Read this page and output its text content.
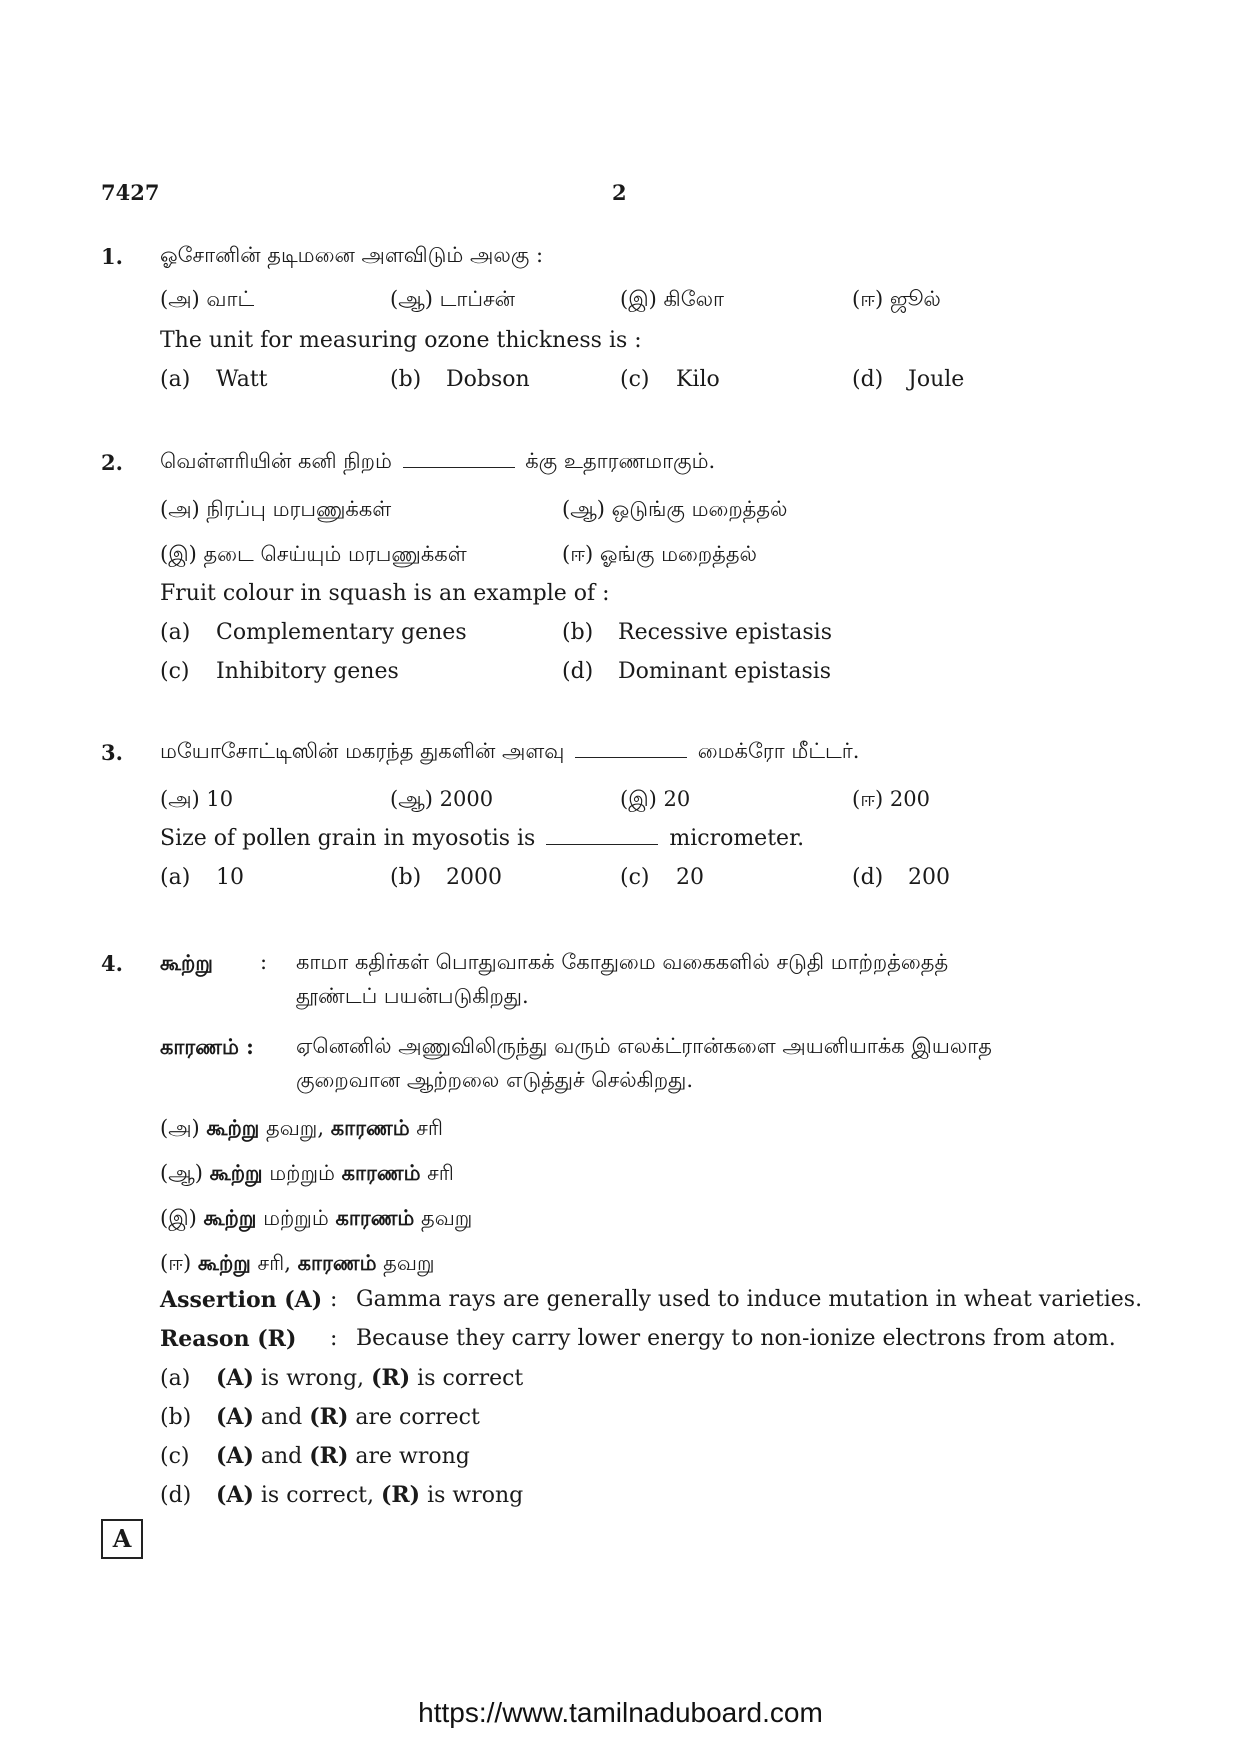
7427	2
1. ஓசோனின் தடிமனை அளவிடும் அலகு :
(அ) வாட்	(ஆ) டாப்சன்	(இ) கிலோ	(ஈ) ஜூல்
The unit for measuring ozone thickness is :
(a) Watt	(b) Dobson	(c) Kilo	(d) Joule
2. வெள்ளரியின் கனி நிறம்	க்கு உதாரணமாகும்.
(அ) நிரப்பு மரபணுக்கள்	(ஆ) ஒடுங்கு மறைத்தல்
(இ) தடை செய்யும் மரபணுக்கள்	(ஈ) ஓங்கு மறைத்தல்
Fruit colour in squash is an example of :
(a) Complementary genes	(b) Recessive epistasis
(c) Inhibitory genes	(d) Dominant epistasis
3. மயோசோட்டிஸின் மகரந்த துகளின் அளவு	மைக்ரோ மீட்டர்.
(அ) 10	(ஆ) 2000	(இ) 20	(ஈ) 200
Size of pollen grain in myosotis is	micrometer.
(a) 10	(b) 2000	(c) 20	(d) 200
4. கூற்று : காமா கதிர்கள் பொதுவாகக் கோதுமை வகைகளில் சடுதி மாற்றத்தைத்
தூண்டப் பயன்படுகிறது.
காரணம் : ஏனெனில் அணுவிலிருந்து வரும் எலக்ட்ரான்களை அயனியாக்க இயலாத
குறைவான ஆற்றலை எடுத்துச் செல்கிறது.
(அ) கூற்று தவறு, காரணம் சரி
(ஆ) கூற்று மற்றும் காரணம் சரி
(இ) கூற்று மற்றும் காரணம் தவறு
(ஈ) கூற்று சரி, காரணம் தவறு
Assertion (A) : Gamma rays are generally used to induce mutation in wheat varieties.
Reason (R) : Because they carry lower energy to non-ionize electrons from atom.
(a) (A) is wrong, (R) is correct
(b) (A) and (R) are correct
(c) (A) and (R) are wrong
(d) (A) is correct, (R) is wrong
A
https://www.tamilnaduboard.com
